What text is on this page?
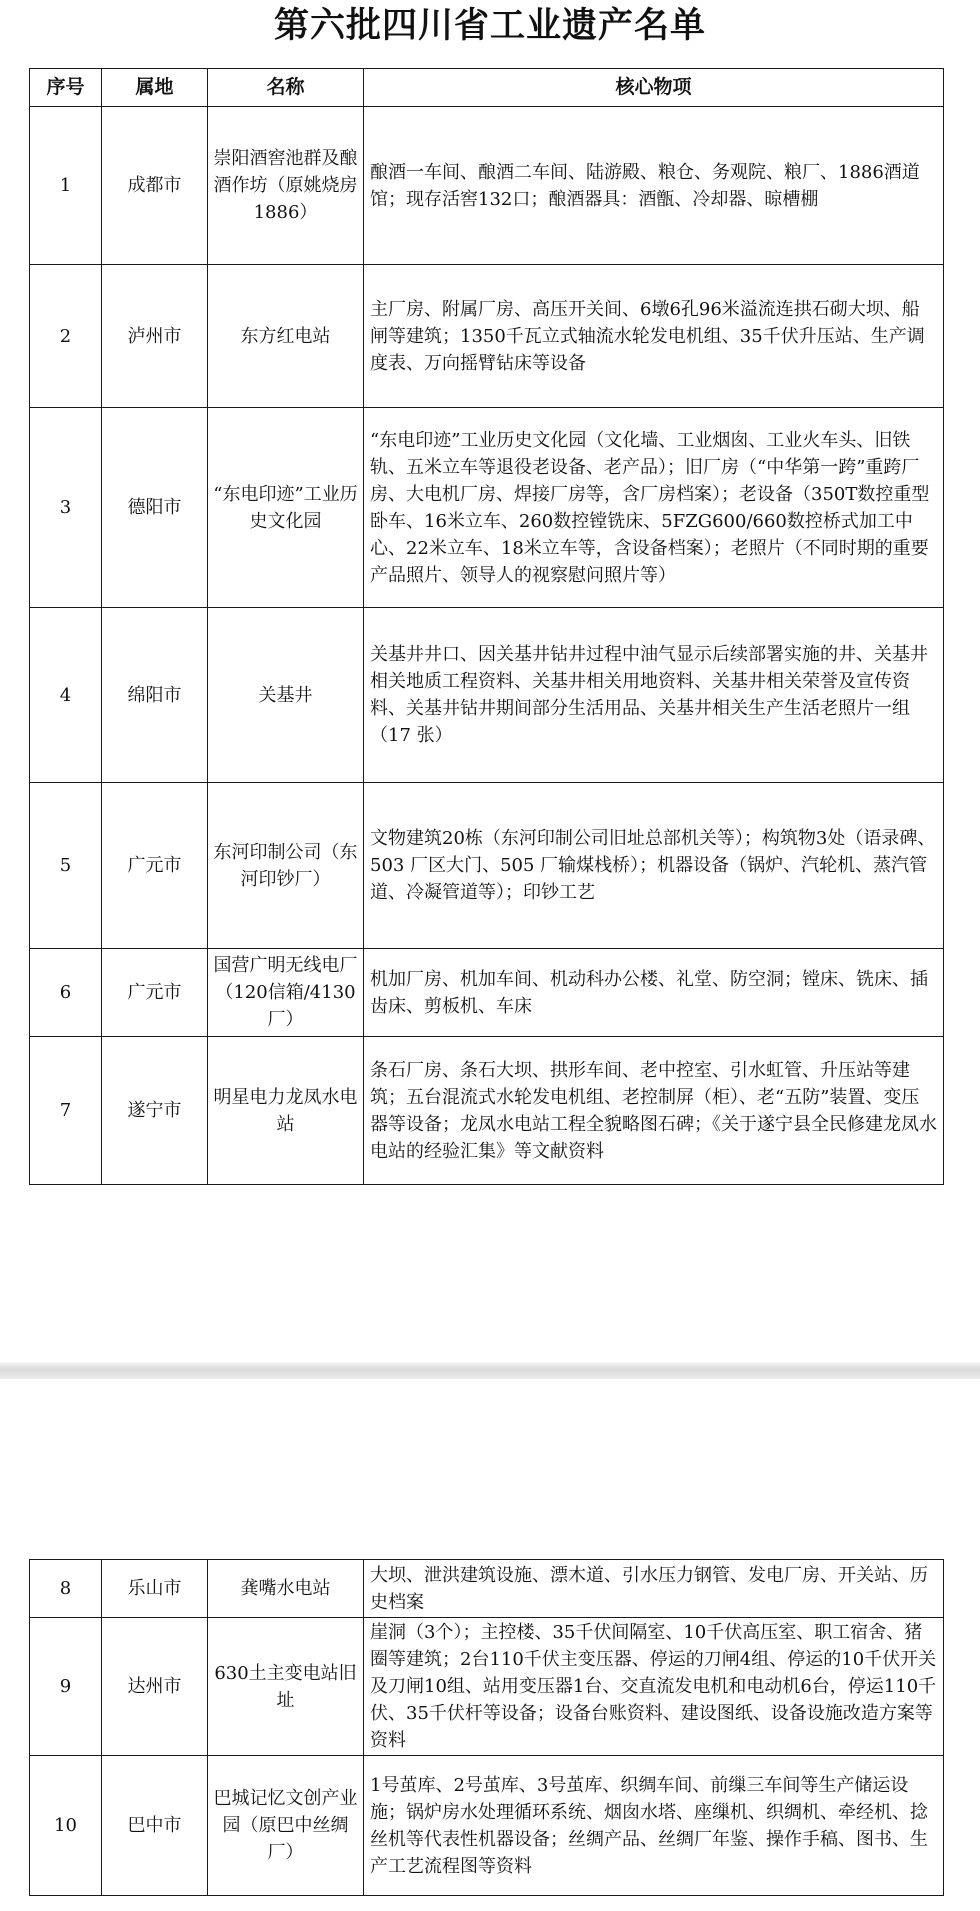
第六批四川省工业遗产名单
序号	属地	名称	核心物项
1	成都市	崇阳酒窖池群及酿酒作坊（原姚烧房1886）	酿酒一车间、酿酒二车间、陆游殿、粮仓、务观院、粮厂、1886酒道馆；现存活窖132口；酿酒器具：酒甑、冷却器、晾槽棚
2	泸州市	东方红电站	主厂房、附属厂房、高压开关间、6墩6孔96米溢流连拱石砌大坝、船闸等建筑；1350千瓦立式轴流水轮发电机组、35千伏升压站、生产调度表、万向摇臂钻床等设备
3	德阳市	“东电印迹”工业历史文化园	“东电印迹”工业历史文化园（文化墙、工业烟囱、工业火车头、旧铁轨、五米立车等退役老设备、老产品）；旧厂房（“中华第一跨”重跨厂房、大电机厂房、焊接厂房等，含厂房档案）；老设备（350T数控重型卧车、16米立车、260数控镗铣床、5FZG600/660数控桥式加工中心、22米立车、18米立车等，含设备档案）；老照片（不同时期的重要产品照片、领导人的视察慰问照片等）
4	绵阳市	关基井	关基井井口、因关基井钻井过程中油气显示后续部署实施的井、关基井相关地质工程资料、关基井相关用地资料、关基井相关荣誉及宣传资料、关基井钻井期间部分生活用品、关基井相关生产生活老照片一组（17 张）
5	广元市	东河印制公司（东河印钞厂）	文物建筑20栋（东河印制公司旧址总部机关等）；构筑物3处（语录碑、503 厂区大门、505 厂输煤栈桥）；机器设备（锅炉、汽轮机、蒸汽管道、冷凝管道等）；印钞工艺
6	广元市	国营广明无线电厂（120信箱/4130厂）	机加厂房、机加车间、机动科办公楼、礼堂、防空洞；镗床、铣床、插齿床、剪板机、车床
7	遂宁市	明星电力龙凤水电站	条石厂房、条石大坝、拱形车间、老中控室、引水虹管、升压站等建筑；五台混流式水轮发电机组、老控制屏（柜）、老“五防”装置、变压器等设备；龙凤水电站工程全貌略图石碑；《关于遂宁县全民修建龙凤水电站的经验汇集》等文献资料
8	乐山市	龚嘴水电站	大坝、泄洪建筑设施、漂木道、引水压力钢管、发电厂房、开关站、历史档案
9	达州市	630土主变电站旧址	崖洞（3个）；主控楼、35千伏间隔室、10千伏高压室、职工宿舍、猪圈等建筑；2台110千伏主变压器、停运的刀闸4组、停运的10千伏开关及刀闸10组、站用变压器1台、交直流发电机和电动机6台，停运110千伏、35千伏杆等设备；设备台账资料、建设图纸、设备设施改造方案等资料
10	巴中市	巴城记忆文创产业园（原巴中丝绸厂）	1号茧库、2号茧库、3号茧库、织绸车间、前缫三车间等生产储运设施；锅炉房水处理循环系统、烟囱水塔、座缫机、织绸机、牵经机、捻丝机等代表性机器设备；丝绸产品、丝绸厂年鉴、操作手稿、图书、生产工艺流程图等资料
